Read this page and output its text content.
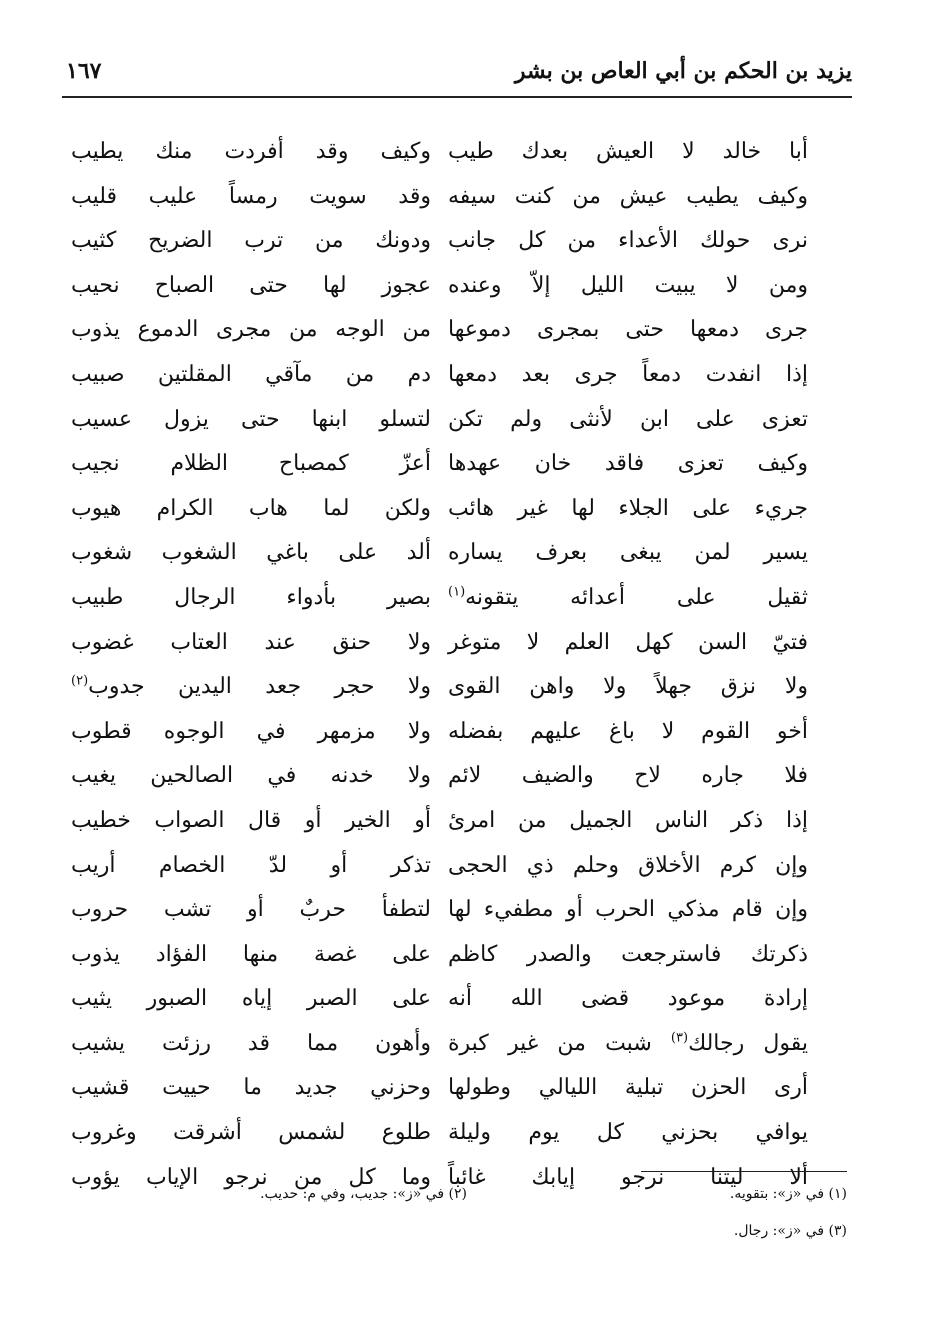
يزيد بن الحكم بن أبي العاص بن بشر
١٦٧
أبا خالد لا العيش بعدك طيب
وكيف يطيب عيش من كنت سيفه
نرى حولك الأعداء من كل جانب
ومن لا يبيت الليل إلاّ وعنده
جرى دمعها حتى بمجرى دموعها
إذا انفدت دمعاً جرى بعد دمعها
تعزى على ابن لأنثى ولم تكن
وكيف تعزى فاقد خان عهدها
جريء على الجلاء لها غير هائب
يسير لمن يبغى بعرف يساره
ثقيل على أعدائه يتقونه$^{(١)}$
فتيّ السن كهل العلم لا متوغر
ولا نزق جهلاً ولا واهن القوى
أخو القوم لا باغ عليهم بفضله
فلا جاره لاح والضيف لائم
إذا ذكر الناس الجميل من امرئ
وإن كرم الأخلاق وحلم ذي الحجى
وإن قام مذكي الحرب أو مطفيء لها
ذكرتك فاسترجعت والصدر كاظم
إرادة موعود قضى الله أنه
يقول رجالك$^{(٣)}$ شبت من غير كبرة
أرى الحزن تبلية الليالي وطولها
يوافي بحزني كل يوم وليلة
ألا ليتنا نرجو إيابك غائباً
وكيف وقد أفردت منك يطيب
وقد سويت رمساً عليب قليب
ودونك من ترب الضريح كثيب
عجوز لها حتى الصباح نحيب
من الوجه من مجرى الدموع يذوب
دم من مآقي المقلتين صبيب
لتسلو ابنها حتى يزول عسيب
أعزّ كمصباح الظلام نجيب
ولكن لما هاب الكرام هيوب
ألد على باغي الشغوب شغوب
بصير بأدواء الرجال طبيب
ولا حنق عند العتاب غضوب
ولا حجر جعد اليدين جدوب$^{(٢)}$
ولا مزمهر في الوجوه قطوب
ولا خدنه في الصالحين يغيب
أو الخير أو قال الصواب خطيب
تذكر أو لدّ الخصام أريب
لتطفأ حربٌ أو تشب حروب
على غصة منها الفؤاد يذوب
على الصبر إياه الصبور يثيب
وأهون مما قد رزئت يشيب
وحزني جديد ما حييت قشيب
طلوع لشمس أشرقت وغروب
وما كل من نرجو الإياب يؤوب
(١) في «ز»: بتقويه.
(٣) في «ز»: رجال.
(٢) في «ز»: جديب، وفي م: حديب.
